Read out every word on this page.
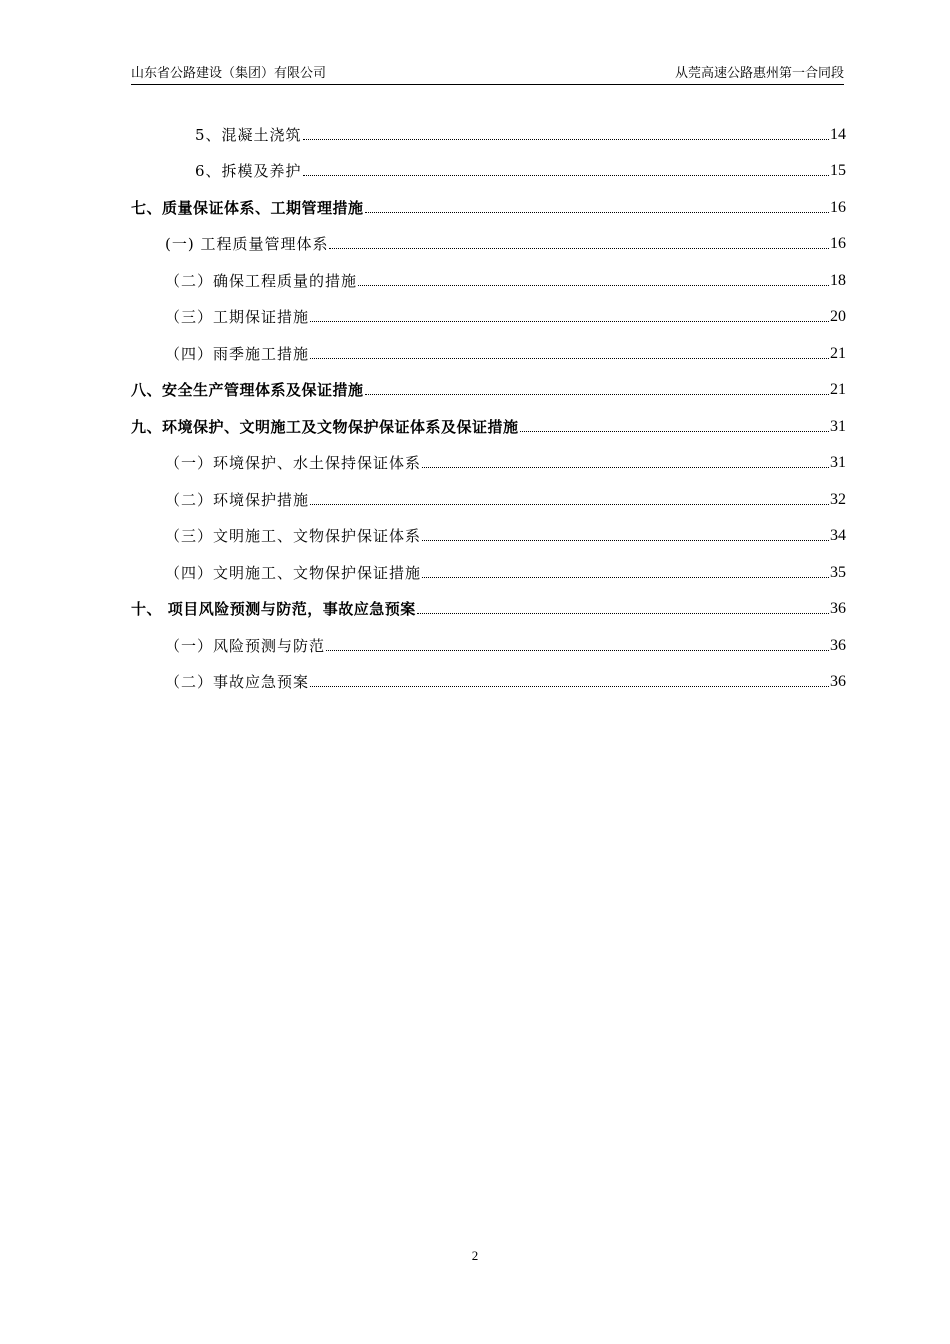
山东省公路建设（集团）有限公司	从莞高速公路惠州第一合同段
5、混凝土浇筑	14
6、拆模及养护	15
七、质量保证体系、工期管理措施	16
(一) 工程质量管理体系	16
（二）确保工程质量的措施	18
（三）工期保证措施	20
（四）雨季施工措施	21
八、安全生产管理体系及保证措施	21
九、环境保护、文明施工及文物保护保证体系及保证措施	31
（一）环境保护、水土保持保证体系	31
（二）环境保护措施	32
（三）文明施工、文物保护保证体系	34
（四）文明施工、文物保护保证措施	35
十、 项目风险预测与防范，事故应急预案	36
（一）风险预测与防范	36
（二）事故应急预案	36
2
